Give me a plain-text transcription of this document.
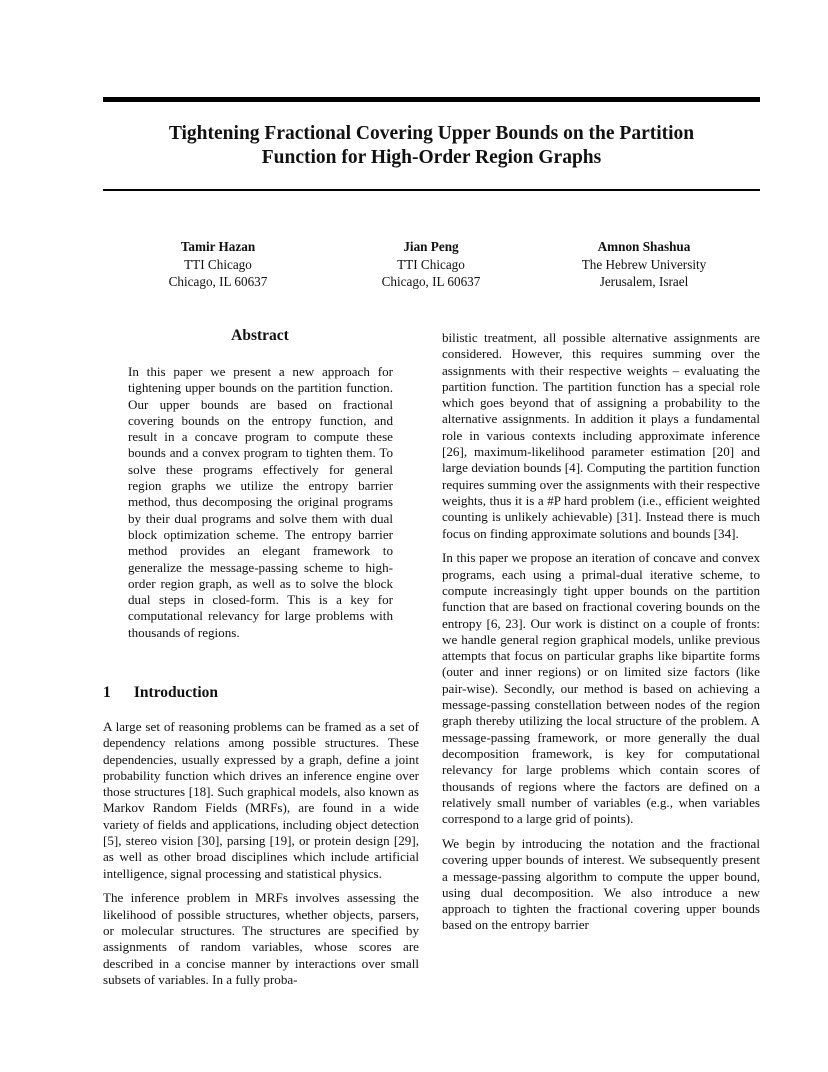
Tightening Fractional Covering Upper Bounds on the Partition
Function for High-Order Region Graphs
Tamir Hazan
TTI Chicago
Chicago, IL 60637
Jian Peng
TTI Chicago
Chicago, IL 60637
Amnon Shashua
The Hebrew University
Jerusalem, Israel
Abstract

In this paper we present a new approach for tightening upper bounds on the partition function. Our upper bounds are based on fractional covering bounds on the entropy function, and result in a concave program to compute these bounds and a convex program to tighten them. To solve these programs effectively for general region graphs we utilize the entropy barrier method, thus decomposing the original programs by their dual programs and solve them with dual block optimization scheme. The entropy barrier method provides an elegant framework to generalize the message-passing scheme to high-order region graph, as well as to solve the block dual steps in closed-form. This is a key for computational relevancy for large problems with thousands of regions.

1 Introduction

A large set of reasoning problems can be framed as a set of dependency relations among possible structures. These dependencies, usually expressed by a graph, define a joint probability function which drives an inference engine over those structures [18]. Such graphical models, also known as Markov Random Fields (MRFs), are found in a wide variety of fields and applications, including object detection [5], stereo vision [30], parsing [19], or protein design [29], as well as other broad disciplines which include artificial intelligence, signal processing and statistical physics.

The inference problem in MRFs involves assessing the likelihood of possible structures, whether objects, parsers, or molecular structures. The structures are specified by assignments of random variables, whose scores are described in a concise manner by interactions over small subsets of variables. In a fully proba-

bilistic treatment, all possible alternative assignments are considered. However, this requires summing over the assignments with their respective weights – evaluating the partition function. The partition function has a special role which goes beyond that of assigning a probability to the alternative assignments. In addition it plays a fundamental role in various contexts including approximate inference [26], maximum-likelihood parameter estimation [20] and large deviation bounds [4]. Computing the partition function requires summing over the assignments with their respective weights, thus it is a #P hard problem (i.e., efficient weighted counting is unlikely achievable) [31]. Instead there is much focus on finding approximate solutions and bounds [34].

In this paper we propose an iteration of concave and convex programs, each using a primal-dual iterative scheme, to compute increasingly tight upper bounds on the partition function that are based on fractional covering bounds on the entropy [6, 23]. Our work is distinct on a couple of fronts: we handle general region graphical models, unlike previous attempts that focus on particular graphs like bipartite forms (outer and inner regions) or on limited size factors (like pair-wise). Secondly, our method is based on achieving a message-passing constellation between nodes of the region graph thereby utilizing the local structure of the problem. A message-passing framework, or more generally the dual decomposition framework, is key for computational relevancy for large problems which contain scores of thousands of regions where the factors are defined on a relatively small number of variables (e.g., when variables correspond to a large grid of points).

We begin by introducing the notation and the fractional covering upper bounds of interest. We subsequently present a message-passing algorithm to compute the upper bound, using dual decomposition. We also introduce a new approach to tighten the fractional covering upper bounds based on the entropy barrier
